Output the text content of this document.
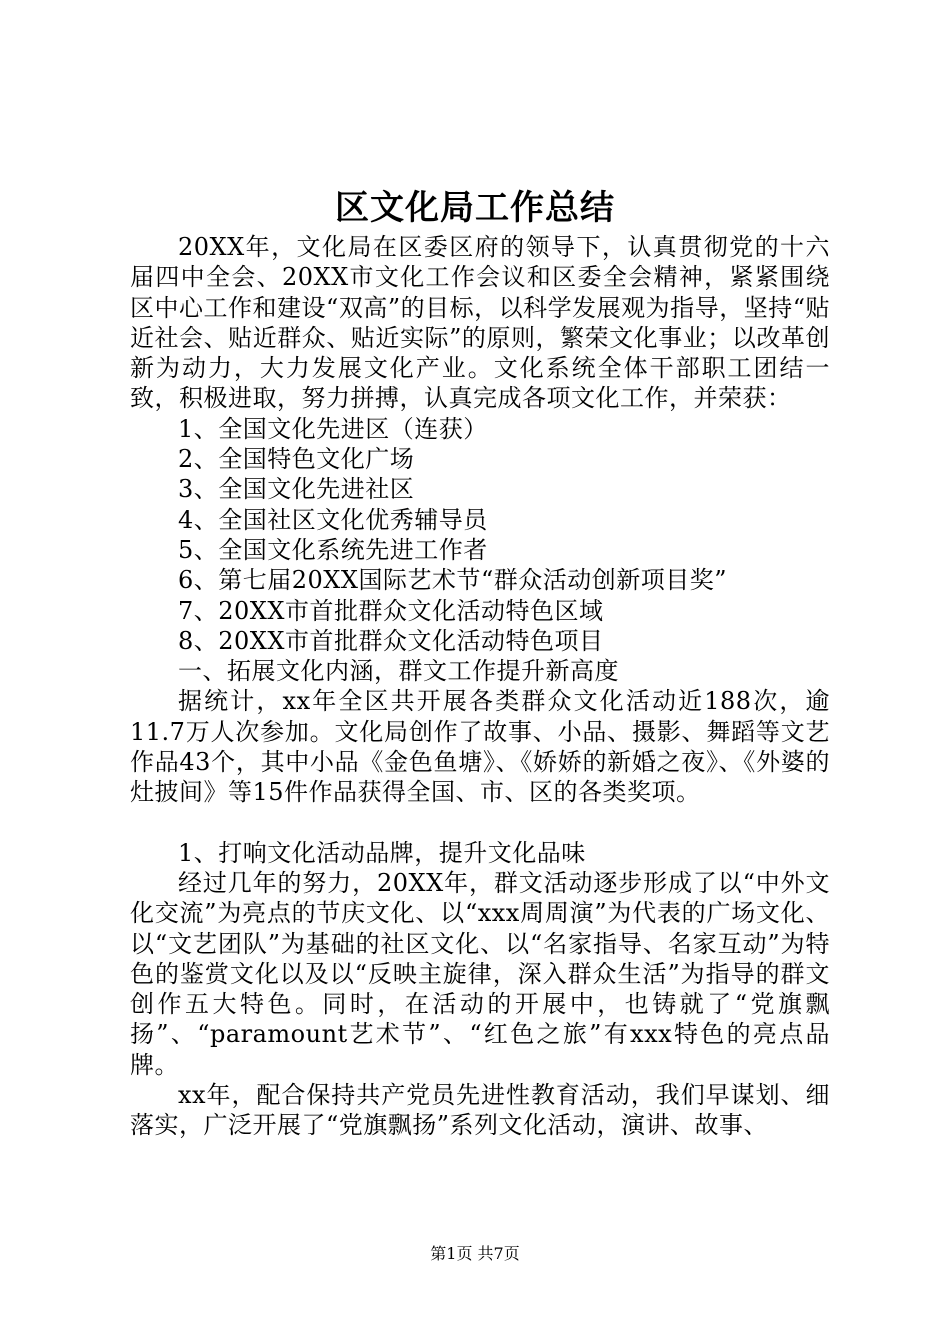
区文化局工作总结

20XX年，文化局在区委区府的领导下，认真贯彻党的十六届四中全会、20XX市文化工作会议和区委全会精神，紧紧围绕区中心工作和建设“双高”的目标，以科学发展观为指导，坚持“贴近社会、贴近群众、贴近实际”的原则，繁荣文化事业；以改革创新为动力，大力发展文化产业。文化系统全体干部职工团结一致，积极进取，努力拼搏，认真完成各项文化工作，并荣获：

1、全国文化先进区（连获）

2、全国特色文化广场

3、全国文化先进社区

4、全国社区文化优秀辅导员

5、全国文化系统先进工作者

6、第七届20XX国际艺术节“群众活动创新项目奖”

7、20XX市首批群众文化活动特色区域

8、20XX市首批群众文化活动特色项目

一、拓展文化内涵，群文工作提升新高度

据统计，xx年全区共开展各类群众文化活动近188次，逾11.7万人次参加。文化局创作了故事、小品、摄影、舞蹈等文艺作品43个，其中小品《金色鱼塘》、《娇娇的新婚之夜》、《外婆的灶披间》等15件作品获得全国、市、区的各类奖项。

1、打响文化活动品牌，提升文化品味

经过几年的努力，20XX年，群文活动逐步形成了以“中外文化交流”为亮点的节庆文化、以“xxx周周演”为代表的广场文化、以“文艺团队”为基础的社区文化、以“名家指导、名家互动”为特色的鉴赏文化以及以“反映主旋律，深入群众生活”为指导的群文创作五大特色。同时，在活动的开展中，也铸就了“党旗飘扬”、“paramount艺术节”、“红色之旅”有xxx特色的亮点品牌。

xx年，配合保持共产党员先进性教育活动，我们早谋划、细落实，广泛开展了“党旗飘扬”系列文化活动，演讲、故事、

第1页 共7页
